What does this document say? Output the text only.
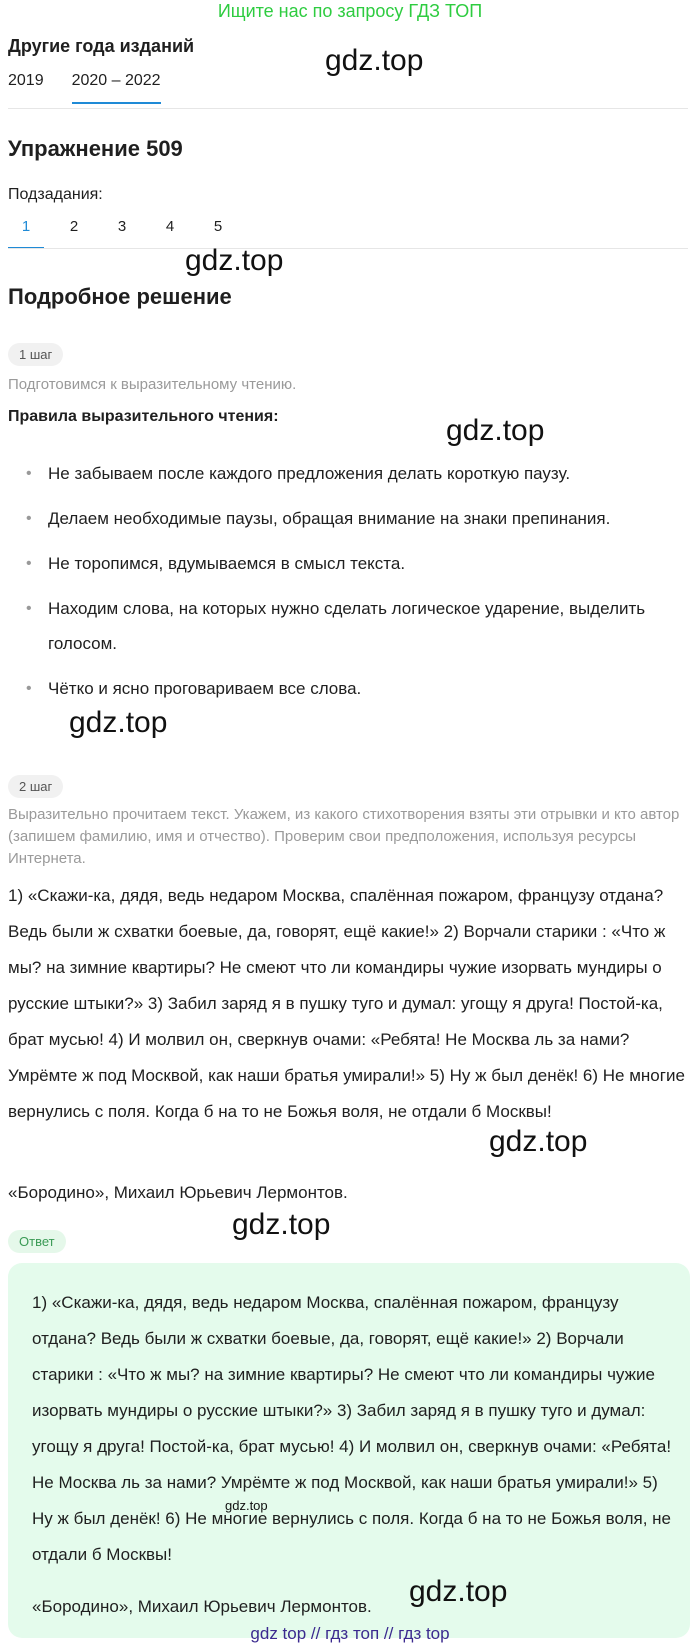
Ищите нас по запросу ГДЗ ТОП
Другие года изданий
2019 2020 – 2022
Упражнение 509
Подзадания:
1	2	3	4	5
Подробное решение
1 шаг
Подготовимся к выразительному чтению.
Правила выразительного чтения:
• Не забываем после каждого предложения делать короткую паузу.
• Делаем необходимые паузы, обращая внимание на знаки препинания.
• Не торопимся, вдумываемся в смысл текста.
• Находим слова, на которых нужно сделать логическое ударение, выделить голосом.
• Чётко и ясно проговариваем все слова.
2 шаг
Выразительно прочитаем текст. Укажем, из какого стихотворения взяты эти отрывки и кто автор (запишем фамилию, имя и отчество). Проверим свои предположения, используя ресурсы Интернета.
1) «Скажи-ка, дядя, ведь недаром Москва, спалённая пожаром, французу отдана? Ведь были ж схватки боевые, да, говорят, ещё какие!» 2) Ворчали старики : «Что ж мы? на зимние квартиры? Не смеют что ли командиры чужие изорвать мундиры о русские штыки?» 3) Забил заряд я в пушку туго и думал: угощу я друга! Постой-ка, брат мусью! 4) И молвил он, сверкнув очами: «Ребята! Не Москва ль за нами? Умрёмте ж под Москвой, как наши братья умирали!» 5) Ну ж был денёк! 6) Не многие вернулись с поля. Когда б на то не Божья воля, не отдали б Москвы!
«Бородино», Михаил Юрьевич Лермонтов.
Ответ
1) «Скажи-ка, дядя, ведь недаром Москва, спалённая пожаром, французу отдана? Ведь были ж схватки боевые, да, говорят, ещё какие!» 2) Ворчали старики : «Что ж мы? на зимние квартиры? Не смеют что ли командиры чужие изорвать мундиры о русские штыки?» 3) Забил заряд я в пушку туго и думал: угощу я друга! Постой-ка, брат мусью! 4) И молвил он, сверкнув очами: «Ребята! Не Москва ль за нами? Умрёмте ж под Москвой, как наши братья умирали!» 5) Ну ж был денёк! 6) Не многие вернулись с поля. Когда б на то не Божья воля, не отдали б Москвы!
«Бородино», Михаил Юрьевич Лермонтов.
gdz.top
gdz.top
gdz.top
gdz.top
gdz.top
gdz.top
gdz.top
gdz.top
gdz top // гдз топ // гдз top
